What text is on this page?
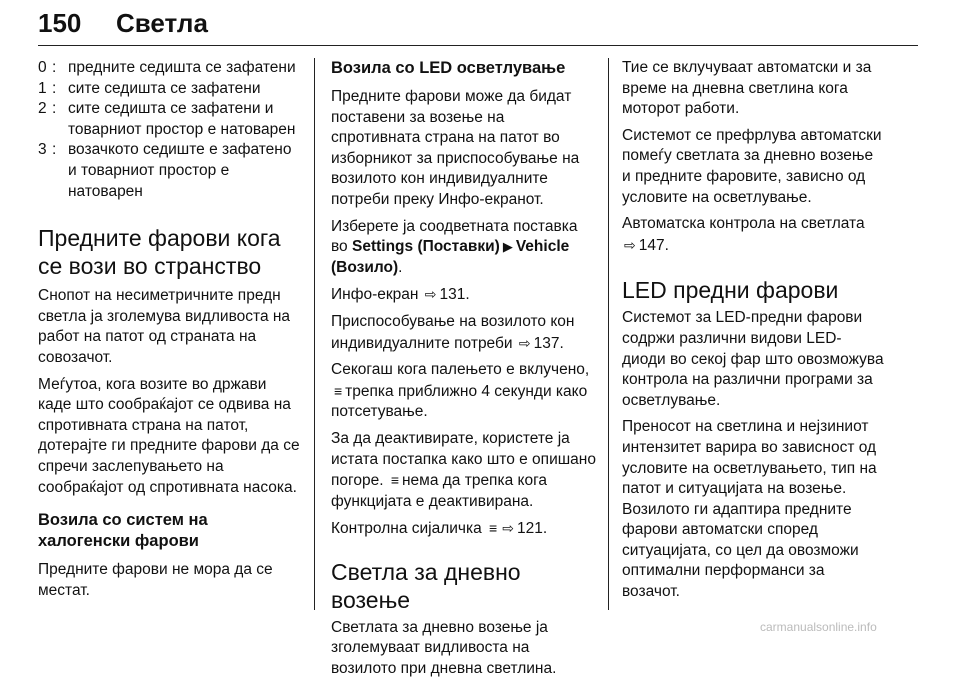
150 Светла
0 : предните седишта се зафатени
1 : сите седишта се зафатени
2 : сите седишта се зафатени и товарниот простор е натоварен
3 : возачкото седиште е зафатено и товарниот простор е натоварен
Предните фарови кога се вози во странство

Снопот на несиметричните предн светла ја зголемува видливоста на работ на патот од страната на совозачот.

Меѓутоа, кога возите во држави каде што сообраќајот се одвива на спротивната страна на патот, дотерајте ги предните фарови да се спречи заслепувањето на сообраќајот од спротивната насока.

Возила со систем на халогенски фарови

Предните фарови не мора да се местат.

Возила со LED осветлување

Предните фарови може да бидат поставени за возење на спротивната страна на патот во изборникот за приспособување на возилото кон индивидуалните потреби преку Инфо-екранот.

Изберете ја соодветната поставка во Settings (Поставки) ▶ Vehicle (Возило).

Инфо-екран ⇨ 131.

Приспособување на возилото кон индивидуалните потреби ⇨ 137.

Секогаш кога палењето е вклучено, ≡ трепка приближно 4 секунди како потсетување.

За да деактивирате, користете ја истата постапка како што е опишано погоре. ≡ нема да трепка кога функцијата е деактивирана.

Контролна сијаличка ≡ ⇨ 121.

Светла за дневно возење

Светлата за дневно возење ја зголемуваат видливоста на возилото при дневна светлина.

Тие се вклучуваат автоматски и за време на дневна светлина кога моторот работи.

Системот се префрлува автоматски помеѓу светлата за дневно возење и предните фаровите, зависно од условите на осветлување.

Автоматска контрола на светлата ⇨ 147.

LED предни фарови

Системот за LED-предни фарови содржи различни видови LED-диоди во секој фар што овозможува контрола на различни програми за осветлување.

Преносот на светлина и нејзиниот интензитет варира во зависност од условите на осветлувањето, тип на патот и ситуацијата на возење. Возилото ги адаптира предните фарови автоматски според ситуацијата, со цел да овозможи оптимални перформанси за возачот.

carmanualsonline.info
